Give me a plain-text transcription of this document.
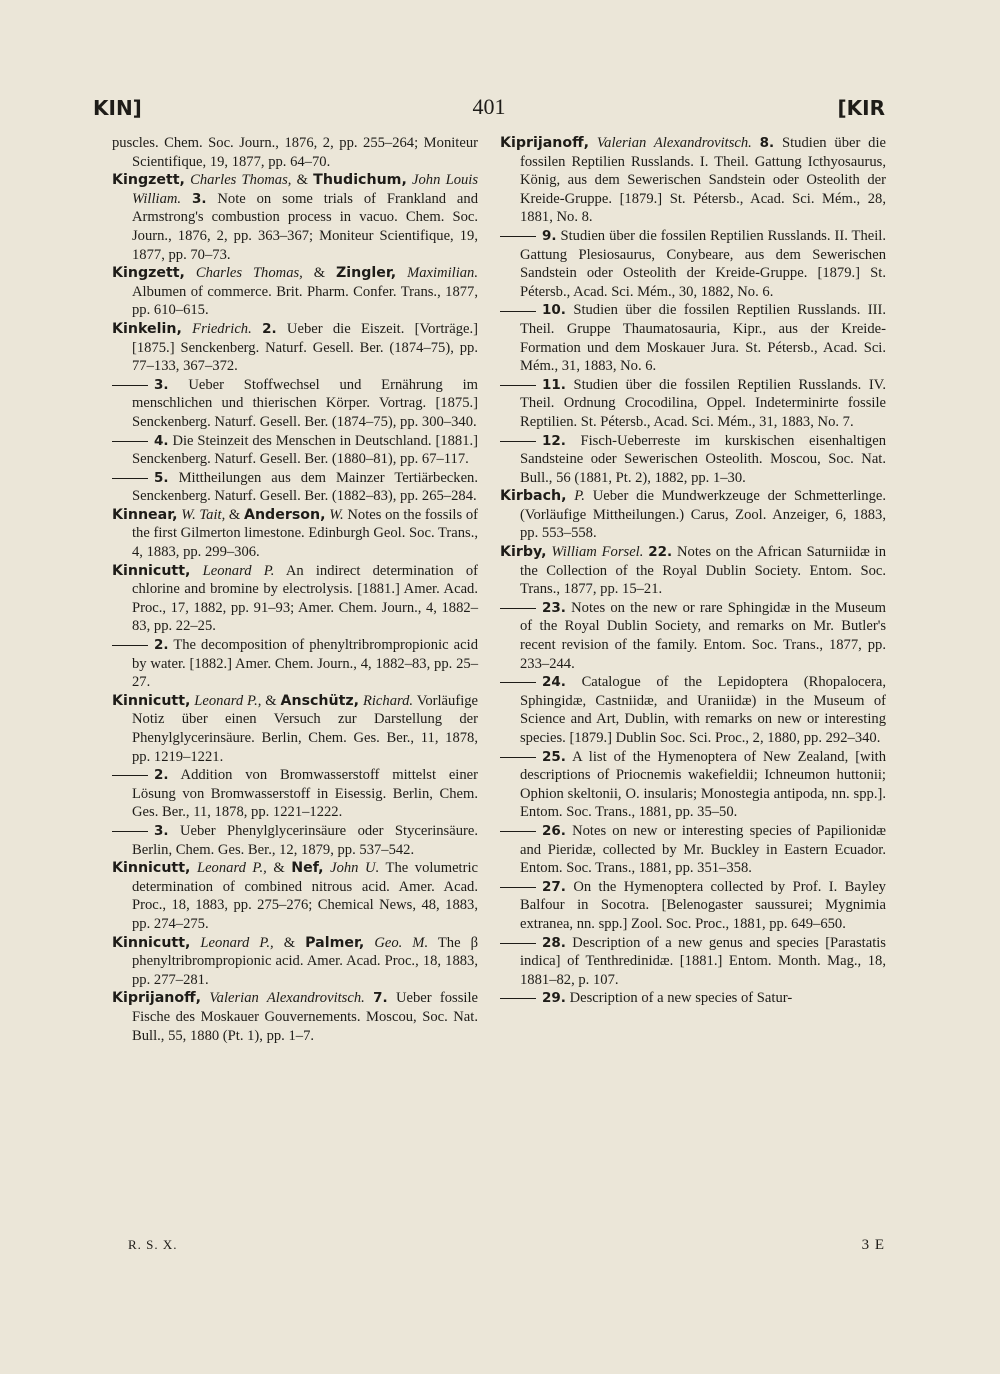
KIN]	401	[KIR

puscles. Chem. Soc. Journ., 1876, 2, pp. 255–264; Moniteur Scientifique, 19, 1877, pp. 64–70.

Kingzett, Charles Thomas, & Thudichum, John Louis William. 3. Note on some trials of Frankland and Armstrong's combustion process in vacuo. Chem. Soc. Journ., 1876, 2, pp. 363–367; Moniteur Scientifique, 19, 1877, pp. 70–73.

Kingzett, Charles Thomas, & Zingler, Maximilian. Albumen of commerce. Brit. Pharm. Confer. Trans., 1877, pp. 610–615.

Kinkelin, Friedrich. 2. Ueber die Eiszeit. [Vorträge.] [1875.] Senckenberg. Naturf. Gesell. Ber. (1874–75), pp. 77–133, 367–372.

3. Ueber Stoffwechsel und Ernährung im menschlichen und thierischen Körper. Vortrag. [1875.] Senckenberg. Naturf. Gesell. Ber. (1874–75), pp. 300–340.

4. Die Steinzeit des Menschen in Deutschland. [1881.] Senckenberg. Naturf. Gesell. Ber. (1880–81), pp. 67–117.

5. Mittheilungen aus dem Mainzer Tertiärbecken. Senckenberg. Naturf. Gesell. Ber. (1882–83), pp. 265–284.

Kinnear, W. Tait, & Anderson, W. Notes on the fossils of the first Gilmerton limestone. Edinburgh Geol. Soc. Trans., 4, 1883, pp. 299–306.

Kinnicutt, Leonard P. An indirect determination of chlorine and bromine by electrolysis. [1881.] Amer. Acad. Proc., 17, 1882, pp. 91–93; Amer. Chem. Journ., 4, 1882–83, pp. 22–25.

2. The decomposition of phenyltribrompropionic acid by water. [1882.] Amer. Chem. Journ., 4, 1882–83, pp. 25–27.

Kinnicutt, Leonard P., & Anschütz, Richard. Vorläufige Notiz über einen Versuch zur Darstellung der Phenylglycerinsäure. Berlin, Chem. Ges. Ber., 11, 1878, pp. 1219–1221.

2. Addition von Bromwasserstoff mittelst einer Lösung von Bromwasserstoff in Eisessig. Berlin, Chem. Ges. Ber., 11, 1878, pp. 1221–1222.

3. Ueber Phenylglycerinsäure oder Stycerinsäure. Berlin, Chem. Ges. Ber., 12, 1879, pp. 537–542.

Kinnicutt, Leonard P., & Nef, John U. The volumetric determination of combined nitrous acid. Amer. Acad. Proc., 18, 1883, pp. 275–276; Chemical News, 48, 1883, pp. 274–275.

Kinnicutt, Leonard P., & Palmer, Geo. M. The β phenyltribrompropionic acid. Amer. Acad. Proc., 18, 1883, pp. 277–281.

Kiprijanoff, Valerian Alexandrovitsch. 7. Ueber fossile Fische des Moskauer Gouvernements. Moscou, Soc. Nat. Bull., 55, 1880 (Pt. 1), pp. 1–7.

Kiprijanoff, Valerian Alexandrovitsch. 8. Studien über die fossilen Reptilien Russlands. I. Theil. Gattung Icthyosaurus, König, aus dem Sewerischen Sandstein oder Osteolith der Kreide-Gruppe. [1879.] St. Pétersb., Acad. Sci. Mém., 28, 1881, No. 8.

9. Studien über die fossilen Reptilien Russlands. II. Theil. Gattung Plesiosaurus, Conybeare, aus dem Sewerischen Sandstein oder Osteolith der Kreide-Gruppe. [1879.] St. Pétersb., Acad. Sci. Mém., 30, 1882, No. 6.

10. Studien über die fossilen Reptilien Russlands. III. Theil. Gruppe Thaumatosauria, Kipr., aus der Kreide-Formation und dem Moskauer Jura. St. Pétersb., Acad. Sci. Mém., 31, 1883, No. 6.

11. Studien über die fossilen Reptilien Russlands. IV. Theil. Ordnung Crocodilina, Oppel. Indeterminirte fossile Reptilien. St. Pétersb., Acad. Sci. Mém., 31, 1883, No. 7.

12. Fisch-Ueberreste im kurskischen eisenhaltigen Sandsteine oder Sewerischen Osteolith. Moscou, Soc. Nat. Bull., 56 (1881, Pt. 2), 1882, pp. 1–30.

Kirbach, P. Ueber die Mundwerkzeuge der Schmetterlinge. (Vorläufige Mittheilungen.) Carus, Zool. Anzeiger, 6, 1883, pp. 553–558.

Kirby, William Forsel. 22. Notes on the African Saturniidæ in the Collection of the Royal Dublin Society. Entom. Soc. Trans., 1877, pp. 15–21.

23. Notes on the new or rare Sphingidæ in the Museum of the Royal Dublin Society, and remarks on Mr. Butler's recent revision of the family. Entom. Soc. Trans., 1877, pp. 233–244.

24. Catalogue of the Lepidoptera (Rhopalocera, Sphingidæ, Castniidæ, and Uraniidæ) in the Museum of Science and Art, Dublin, with remarks on new or interesting species. [1879.] Dublin Soc. Sci. Proc., 2, 1880, pp. 292–340.

25. A list of the Hymenoptera of New Zealand, [with descriptions of Priocnemis wakefieldii; Ichneumon huttonii; Ophion skeltonii, O. insularis; Monostegia antipoda, nn. spp.]. Entom. Soc. Trans., 1881, pp. 35–50.

26. Notes on new or interesting species of Papilionidæ and Pieridæ, collected by Mr. Buckley in Eastern Ecuador. Entom. Soc. Trans., 1881, pp. 351–358.

27. On the Hymenoptera collected by Prof. I. Bayley Balfour in Socotra. [Belenogaster saussurei; Mygnimia extranea, nn. spp.] Zool. Soc. Proc., 1881, pp. 649–650.

28. Description of a new genus and species [Parastatis indica] of Tenthredinidæ. [1881.] Entom. Month. Mag., 18, 1881–82, p. 107.

29. Description of a new species of Satur-

R. S. X.	3 E
